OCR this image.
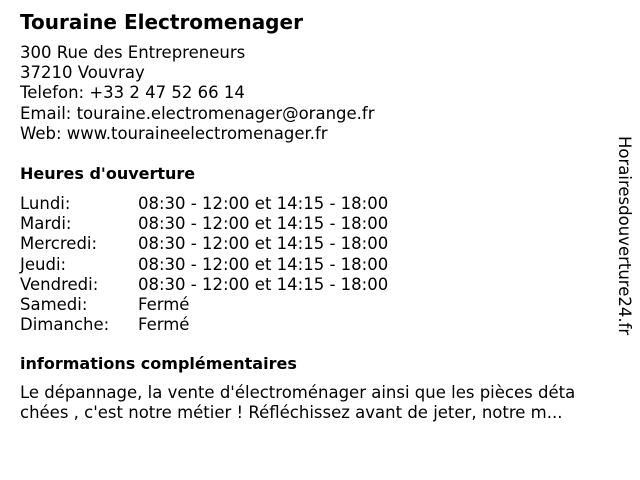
Touraine Electromenager
300 Rue des Entrepreneurs
37210 Vouvray
Telefon: +33 2 47 52 66 14
Email: touraine.electromenager@orange.fr
Web: www.touraineelectromenager.fr
Heures d'ouverture
Lundi:	08:30 - 12:00 et 14:15 - 18:00
Mardi:	08:30 - 12:00 et 14:15 - 18:00
Mercredi: 08:30 - 12:00 et 14:15 - 18:00
Jeudi:	08:30 - 12:00 et 14:15 - 18:00
Vendredi: 08:30 - 12:00 et 14:15 - 18:00
Samedi:	Fermé
Dimanche: Fermé
informations complémentaires
Le dépannage, la vente d'électroménager ainsi que les pièces déta
chées , c'est notre métier ! Réfléchissez avant de jeter, notre m...
Horairesdouverture24.fr
